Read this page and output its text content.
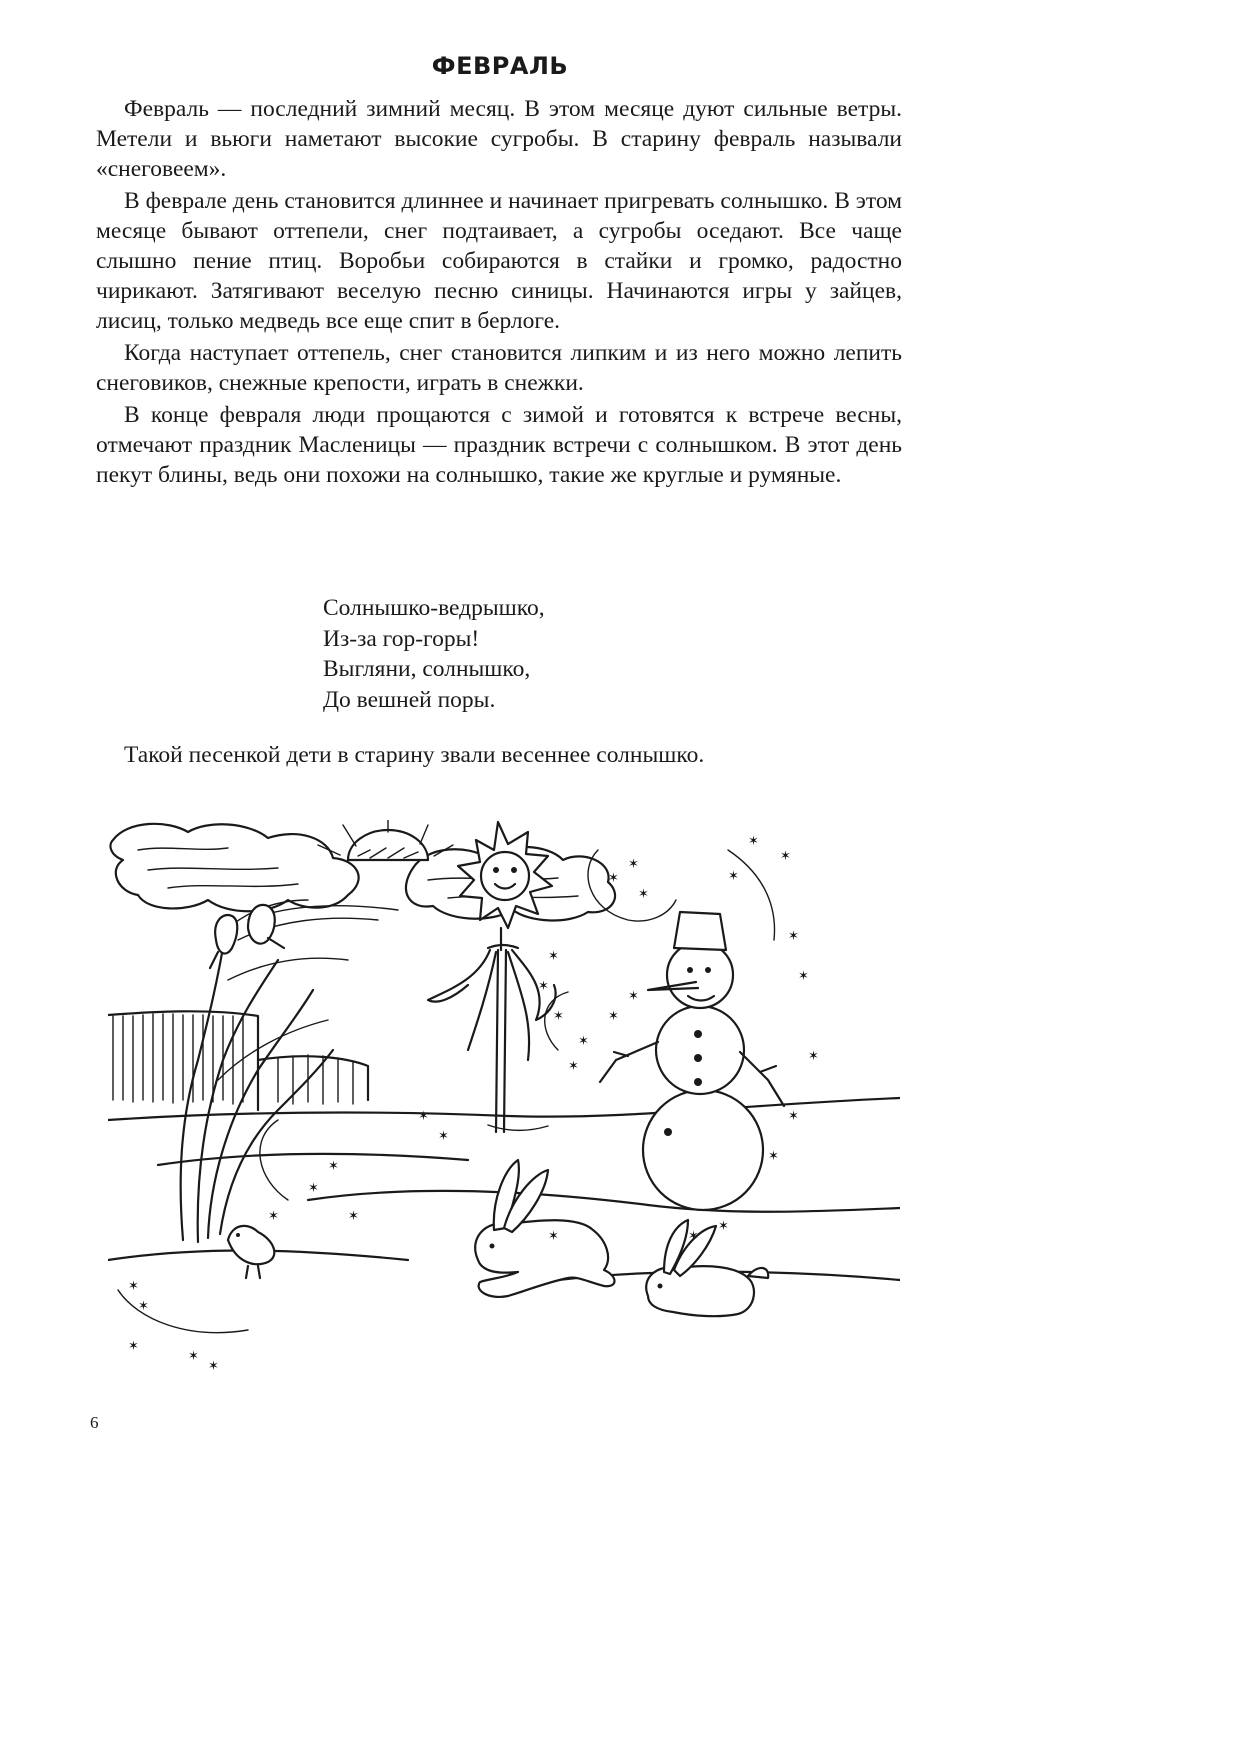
ФЕВРАЛЬ

Февраль — последний зимний месяц. В этом месяце дуют сильные ветры. Метели и вьюги наметают высокие сугробы. В старину февраль называли «снеговеем».

В феврале день становится длиннее и начинает пригревать солнышко. В этом месяце бывают оттепели, снег подтаивает, а сугробы оседают. Все чаще слышно пение птиц. Воробьи собираются в стайки и громко, радостно чирикают. Затягивают веселую песню синицы. Начинаются игры у зайцев, лисиц, только медведь все еще спит в берлоге.

Когда наступает оттепель, снег становится липким и из него можно лепить снеговиков, снежные крепости, играть в снежки.

В конце февраля люди прощаются с зимой и готовятся к встрече весны, отмечают праздник Масленицы — праздник встречи с солнышком. В этот день пекут блины, ведь они похожи на солнышко, такие же круглые и румяные.

Солнышко-ведрышко,
Из-за гор-горы!
Выгляни, солнышко,
До вешней поры.

Такой песенкой дети в старину звали весеннее солнышко.

✶
✶
✶
✶
✶
✶
✶
✶
✶
✶
✶
✶
✶
✶
✶
✶
✶
✶
✶
✶
✶
✶
✶
✶
✶
✶
✶
✶
✶
✶
✶
✶
6
